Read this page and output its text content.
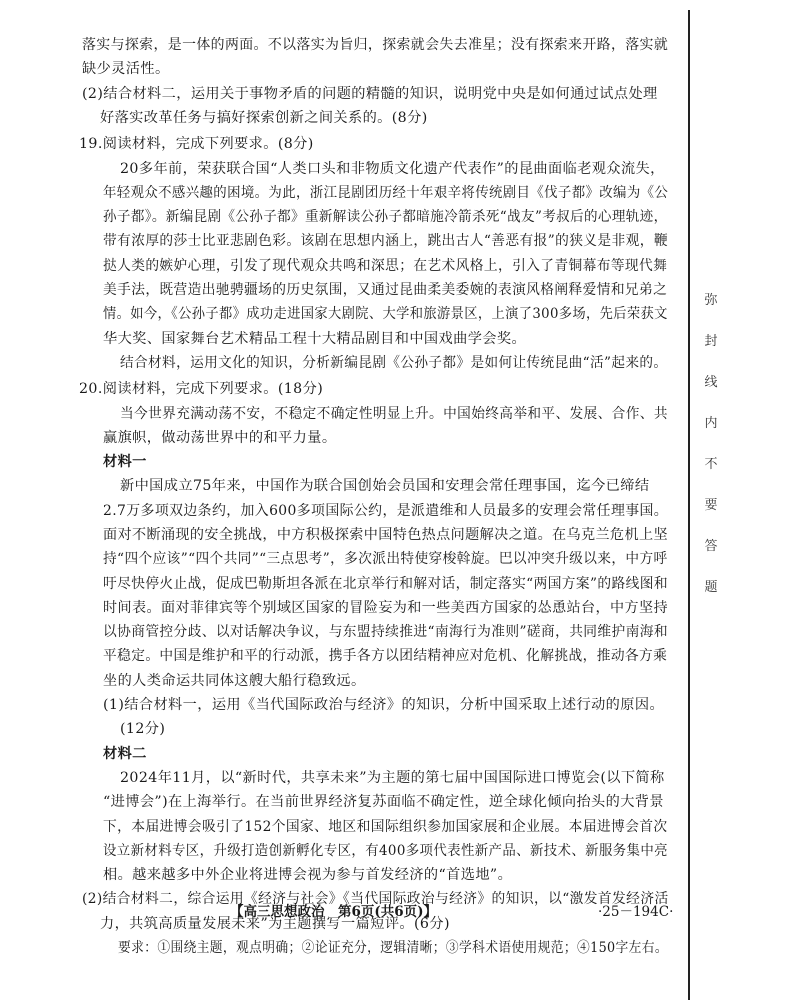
落实与探索，是一体的两面。不以落实为旨归，探索就会失去准星；没有探索来开路，落实就
缺少灵活性。
(2)结合材料二，运用关于事物矛盾的问题的精髓的知识，说明党中央是如何通过试点处理
好落实改革任务与搞好探索创新之间关系的。(8分)
19.阅读材料，完成下列要求。(8分)
20多年前，荣获联合国“人类口头和非物质文化遗产代表作”的昆曲面临老观众流失，
年轻观众不感兴趣的困境。为此，浙江昆剧团历经十年艰辛将传统剧目《伐子都》改编为《公
孙子都》。新编昆剧《公孙子都》重新解读公孙子都暗施冷箭杀死“战友”考叔后的心理轨迹，
带有浓厚的莎士比亚悲剧色彩。该剧在思想内涵上，跳出古人“善恶有报”的狭义是非观，鞭
挞人类的嫉妒心理，引发了现代观众共鸣和深思；在艺术风格上，引入了青铜幕布等现代舞
美手法，既营造出驰骋疆场的历史氛围，又通过昆曲柔美委婉的表演风格阐释爱情和兄弟之
情。如今，《公孙子都》成功走进国家大剧院、大学和旅游景区，上演了300多场，先后荣获文
华大奖、国家舞台艺术精品工程十大精品剧目和中国戏曲学会奖。
结合材料，运用文化的知识，分析新编昆剧《公孙子都》是如何让传统昆曲“活”起来的。
20.阅读材料，完成下列要求。(18分)
当今世界充满动荡不安，不稳定不确定性明显上升。中国始终高举和平、发展、合作、共
赢旗帜，做动荡世界中的和平力量。
材料一
新中国成立75年来，中国作为联合国创始会员国和安理会常任理事国，迄今已缔结
2.7万多项双边条约，加入600多项国际公约，是派遣维和人员最多的安理会常任理事国。
面对不断涌现的安全挑战，中方积极探索中国特色热点问题解决之道。在乌克兰危机上坚
持“四个应该”“四个共同”“三点思考”，多次派出特使穿梭斡旋。巴以冲突升级以来，中方呼
吁尽快停火止战，促成巴勒斯坦各派在北京举行和解对话，制定落实“两国方案”的路线图和
时间表。面对菲律宾等个别域区国家的冒险妄为和一些美西方国家的怂恿站台，中方坚持
以协商管控分歧、以对话解决争议，与东盟持续推进“南海行为准则”磋商，共同维护南海和
平稳定。中国是维护和平的行动派，携手各方以团结精神应对危机、化解挑战，推动各方乘
坐的人类命运共同体这艘大船行稳致远。
(1)结合材料一，运用《当代国际政治与经济》的知识，分析中国采取上述行动的原因。
(12分)
材料二
2024年11月，以“新时代，共享未来”为主题的第七届中国国际进口博览会(以下简称
“进博会”)在上海举行。在当前世界经济复苏面临不确定性，逆全球化倾向抬头的大背景
下，本届进博会吸引了152个国家、地区和国际组织参加国家展和企业展。本届进博会首次
设立新材料专区，升级打造创新孵化专区，有400多项代表性新产品、新技术、新服务集中亮
相。越来越多中外企业将进博会视为参与首发经济的“首选地”。
(2)结合材料二，综合运用《经济与社会》《当代国际政治与经济》的知识，以“激发首发经济活
力，共筑高质量发展未来”为主题撰写一篇短评。(6分)
要求：①围绕主题，观点明确；②论证充分，逻辑清晰；③学科术语使用规范；④150字左右。
弥
封
线
内
不
要
答
题
【高三思想政治　第6页(共6页)】	·25－194C·
